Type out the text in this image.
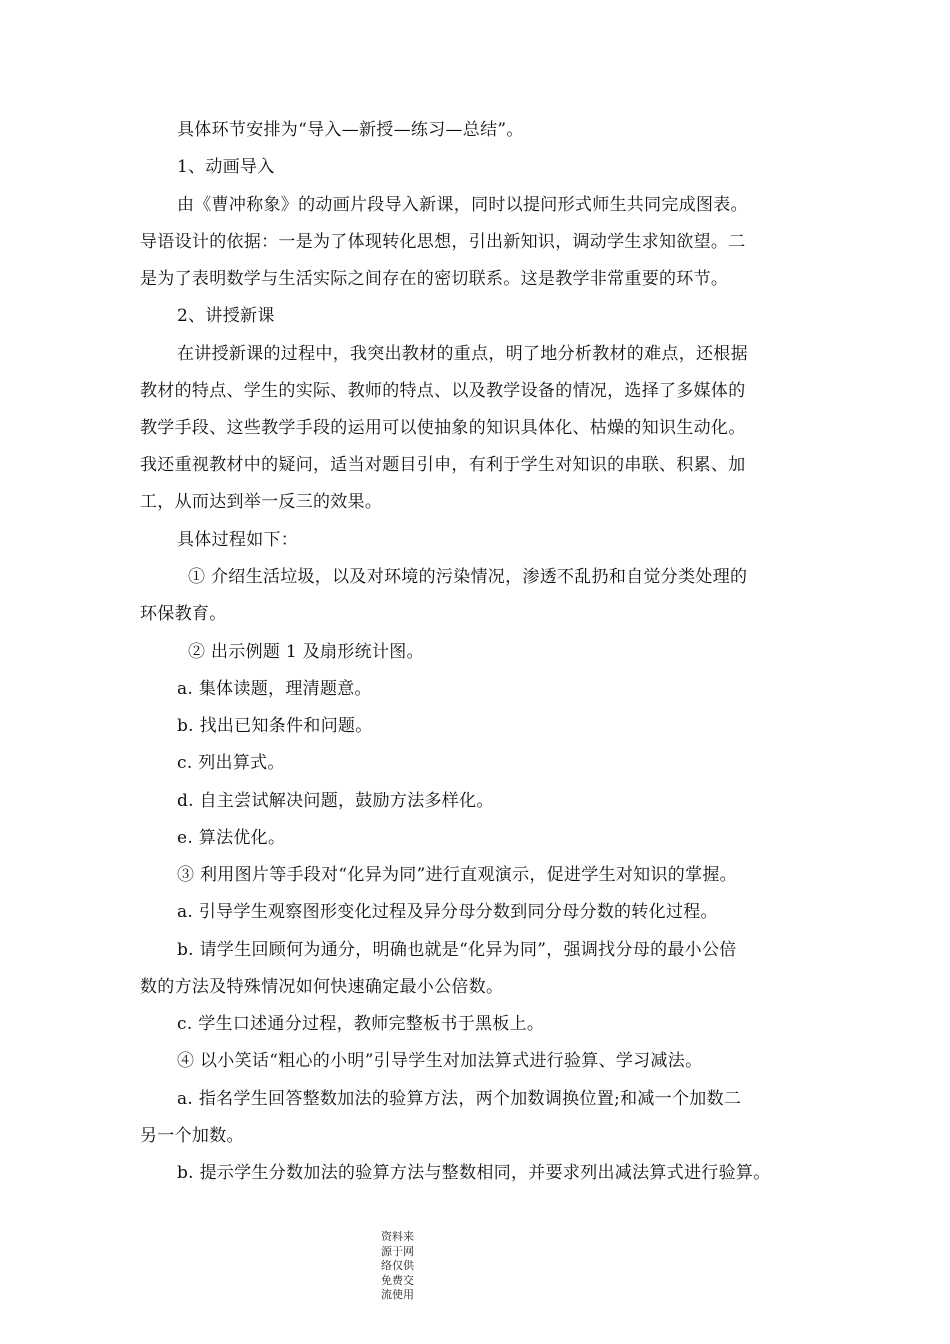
具体环节安排为“导入—新授—练习—总结”。
1、动画导入
由《曹冲称象》的动画片段导入新课，同时以提问形式师生共同完成图表。
导语设计的依据：一是为了体现转化思想，引出新知识，调动学生求知欲望。二
是为了表明数学与生活实际之间存在的密切联系。这是教学非常重要的环节。
2、讲授新课
在讲授新课的过程中，我突出教材的重点，明了地分析教材的难点，还根据
教材的特点、学生的实际、教师的特点、以及教学设备的情况，选择了多媒体的
教学手段、这些教学手段的运用可以使抽象的知识具体化、枯燥的知识生动化。
我还重视教材中的疑问，适当对题目引申，有利于学生对知识的串联、积累、加
工，从而达到举一反三的效果。
具体过程如下：
① 介绍生活垃圾，以及对环境的污染情况，渗透不乱扔和自觉分类处理的
环保教育。
② 出示例题 1 及扇形统计图。
a. 集体读题，理清题意。
b. 找出已知条件和问题。
c. 列出算式。
d. 自主尝试解决问题，鼓励方法多样化。
e. 算法优化。
③ 利用图片等手段对“化异为同”进行直观演示，促进学生对知识的掌握。
a. 引导学生观察图形变化过程及异分母分数到同分母分数的转化过程。
b. 请学生回顾何为通分，明确也就是“化异为同”，强调找分母的最小公倍
数的方法及特殊情况如何快速确定最小公倍数。
c. 学生口述通分过程，教师完整板书于黑板上。
④ 以小笑话“粗心的小明”引导学生对加法算式进行验算、学习减法。
a. 指名学生回答整数加法的验算方法，两个加数调换位置;和减一个加数二
另一个加数。
b. 提示学生分数加法的验算方法与整数相同，并要求列出减法算式进行验算。
资料来
源于网
络仅供
免费交
流使用
